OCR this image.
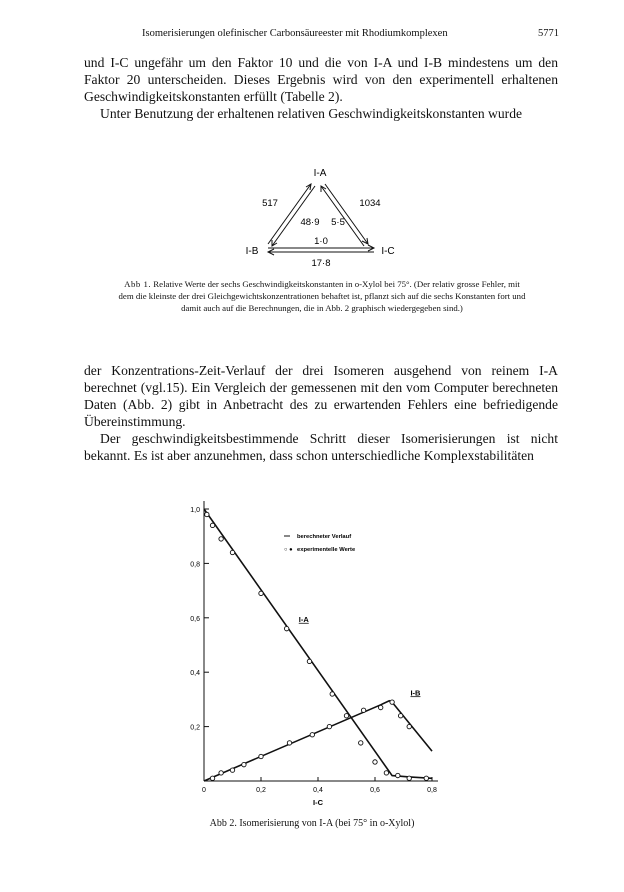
Isomerisierungen olefinischer Carbonsäureester mit Rhodiumkomplexen	5771

und I-C ungefähr um den Faktor 10 und die von I-A und I-B mindestens um den Faktor 20 unterscheiden. Dieses Ergebnis wird von den experimentell erhaltenen Geschwindigkeitskonstanten erfüllt (Tabelle 2).

Unter Benutzung der erhaltenen relativen Geschwindigkeitskonstanten wurde

I-A
I-B	I-C
517	1034
48·9 5·5
1·0
17·8

Abb 1. Relative Werte der sechs Geschwindigkeitskonstanten in o-Xylol bei 75°. (Der relativ grosse Fehler, mit dem die kleinste der drei Gleichgewichtskonzentrationen behaftet ist, pflanzt sich auf die sechs Konstanten fort und damit auch auf die Berechnungen, die in Abb. 2 graphisch wiedergegeben sind.)

der Konzentrations-Zeit-Verlauf der drei Isomeren ausgehend von reinem I-A berechnet (vgl.15). Ein Vergleich der gemessenen mit den vom Computer berechneten Daten (Abb. 2) gibt in Anbetracht des zu erwartenden Fehlers eine befriedigende Übereinstimmung.

Der geschwindigkeitsbestimmende Schritt dieser Isomerisierungen ist nicht bekannt. Es ist aber anzunehmen, dass schon unterschiedliche Komplexstabilitäten

0,2
0,4
0,6
0,8
1,0
0	0,2	0,4	0,6	0,8
I-C
I-A
I-B
berechneter Verlauf
○ ● experimentelle Werte
Abb 2. Isomerisierung von I-A (bei 75° in o-Xylol)
